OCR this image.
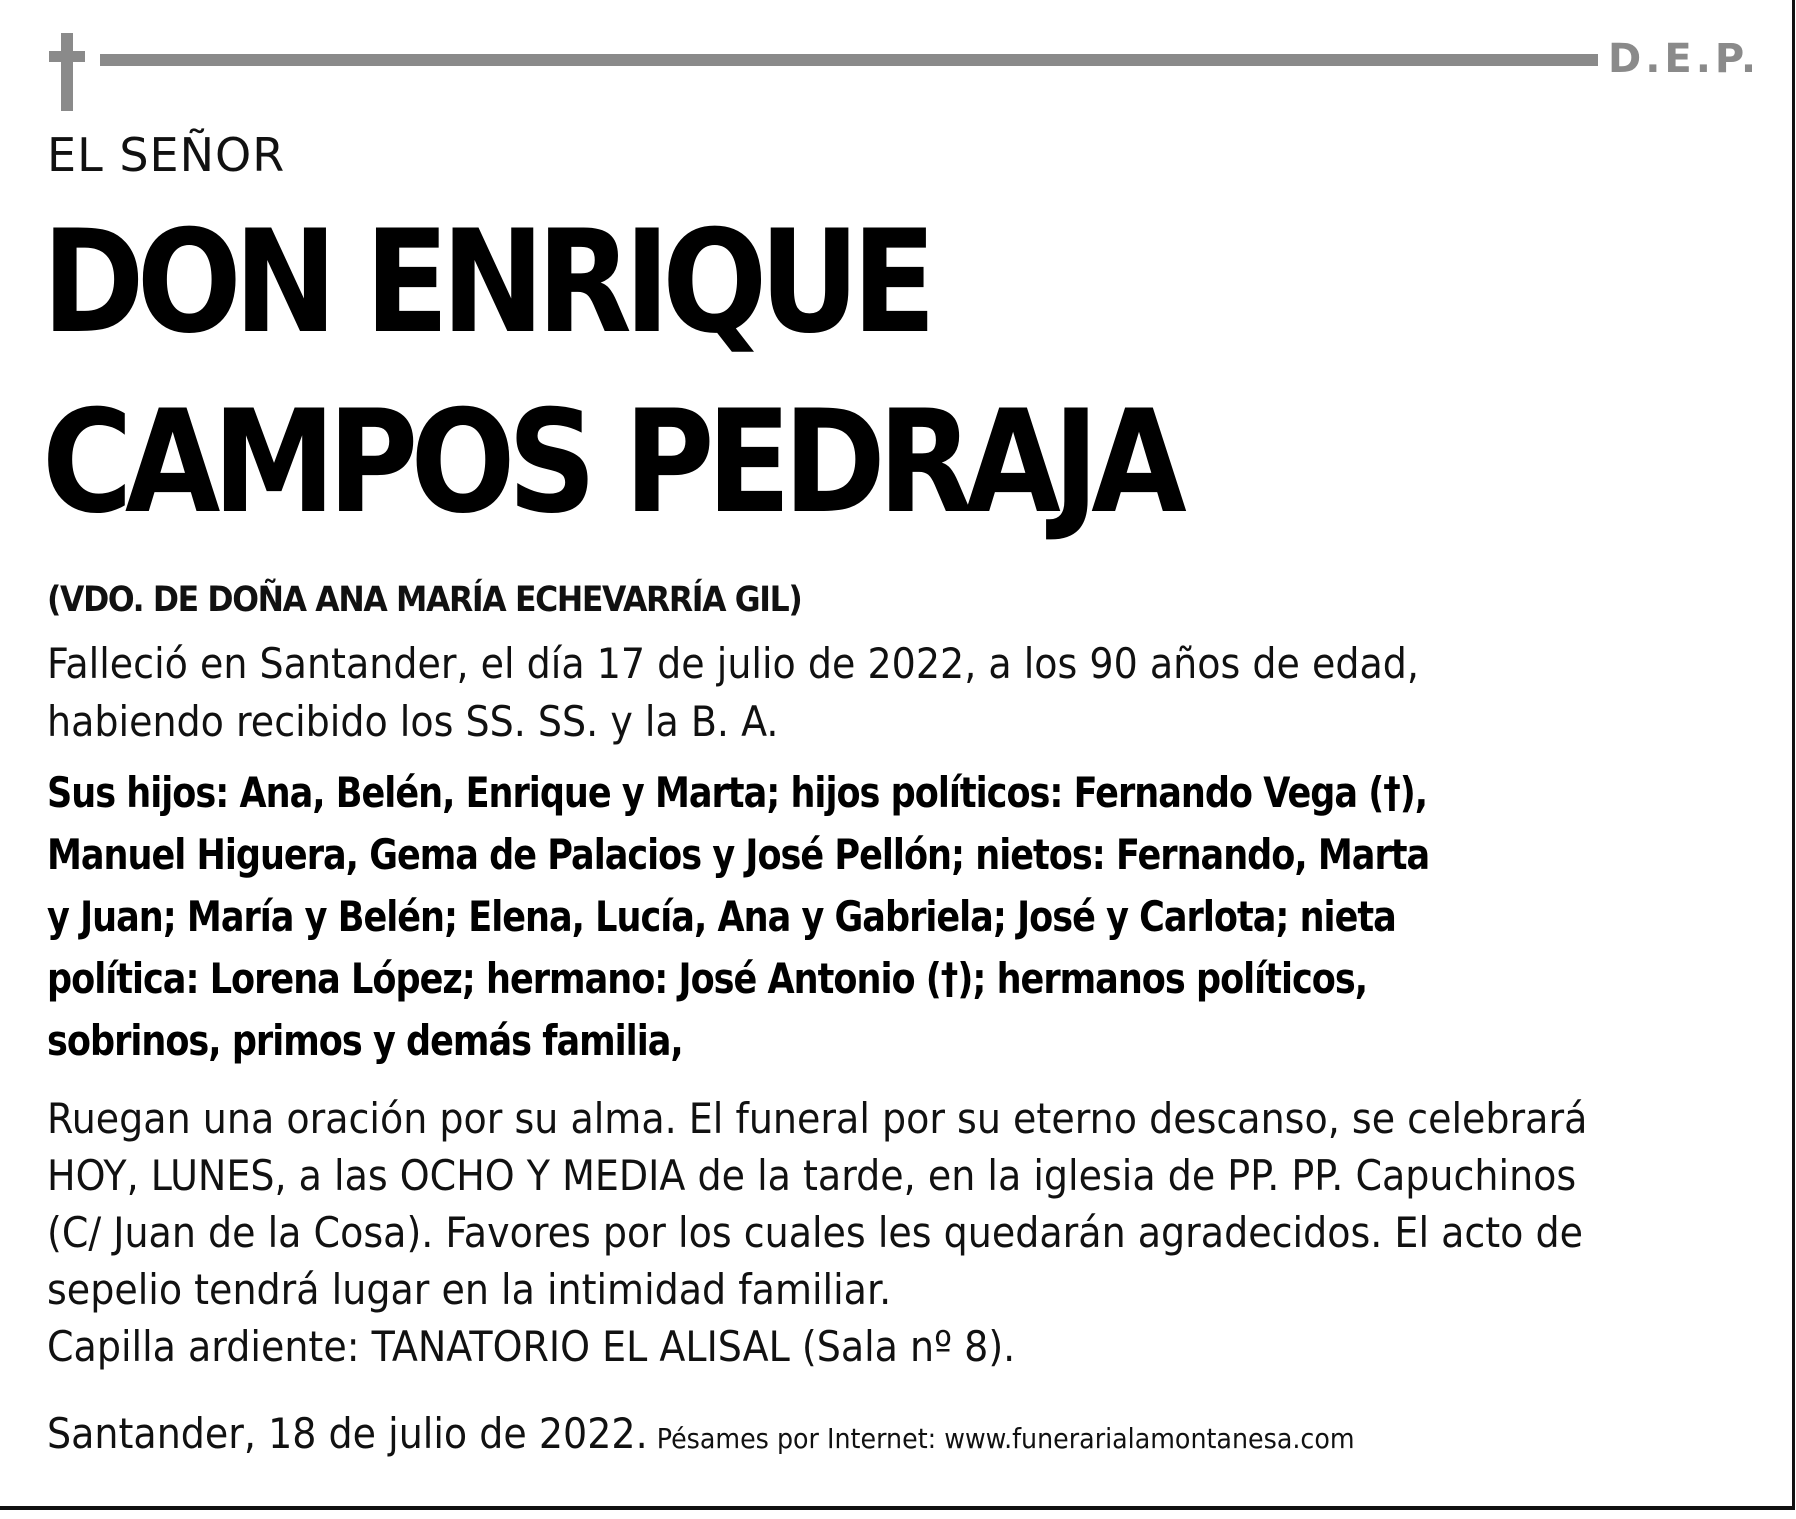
D.E.P.
EL SEÑOR
DON ENRIQUE
CAMPOS PEDRAJA
(VDO. DE DOÑA ANA MARÍA ECHEVARRÍA GIL)
Falleció en Santander, el día 17 de julio de 2022, a los 90 años de edad,
habiendo recibido los SS. SS. y la B. A.
Sus hijos: Ana, Belén, Enrique y Marta; hijos políticos: Fernando Vega (†),
Manuel Higuera, Gema de Palacios y José Pellón; nietos: Fernando, Marta
y Juan; María y Belén; Elena, Lucía, Ana y Gabriela; José y Carlota; nieta
política: Lorena López; hermano: José Antonio (†); hermanos políticos,
sobrinos, primos y demás familia,
Ruegan una oración por su alma. El funeral por su eterno descanso, se celebrará
HOY, LUNES, a las OCHO Y MEDIA de la tarde, en la iglesia de PP. PP. Capuchinos
(C/ Juan de la Cosa). Favores por los cuales les quedarán agradecidos. El acto de
sepelio tendrá lugar en la intimidad familiar.
Capilla ardiente: TANATORIO EL ALISAL (Sala nº 8).
Santander, 18 de julio de 2022. Pésames por Internet: www.funerarialamontanesa.com
